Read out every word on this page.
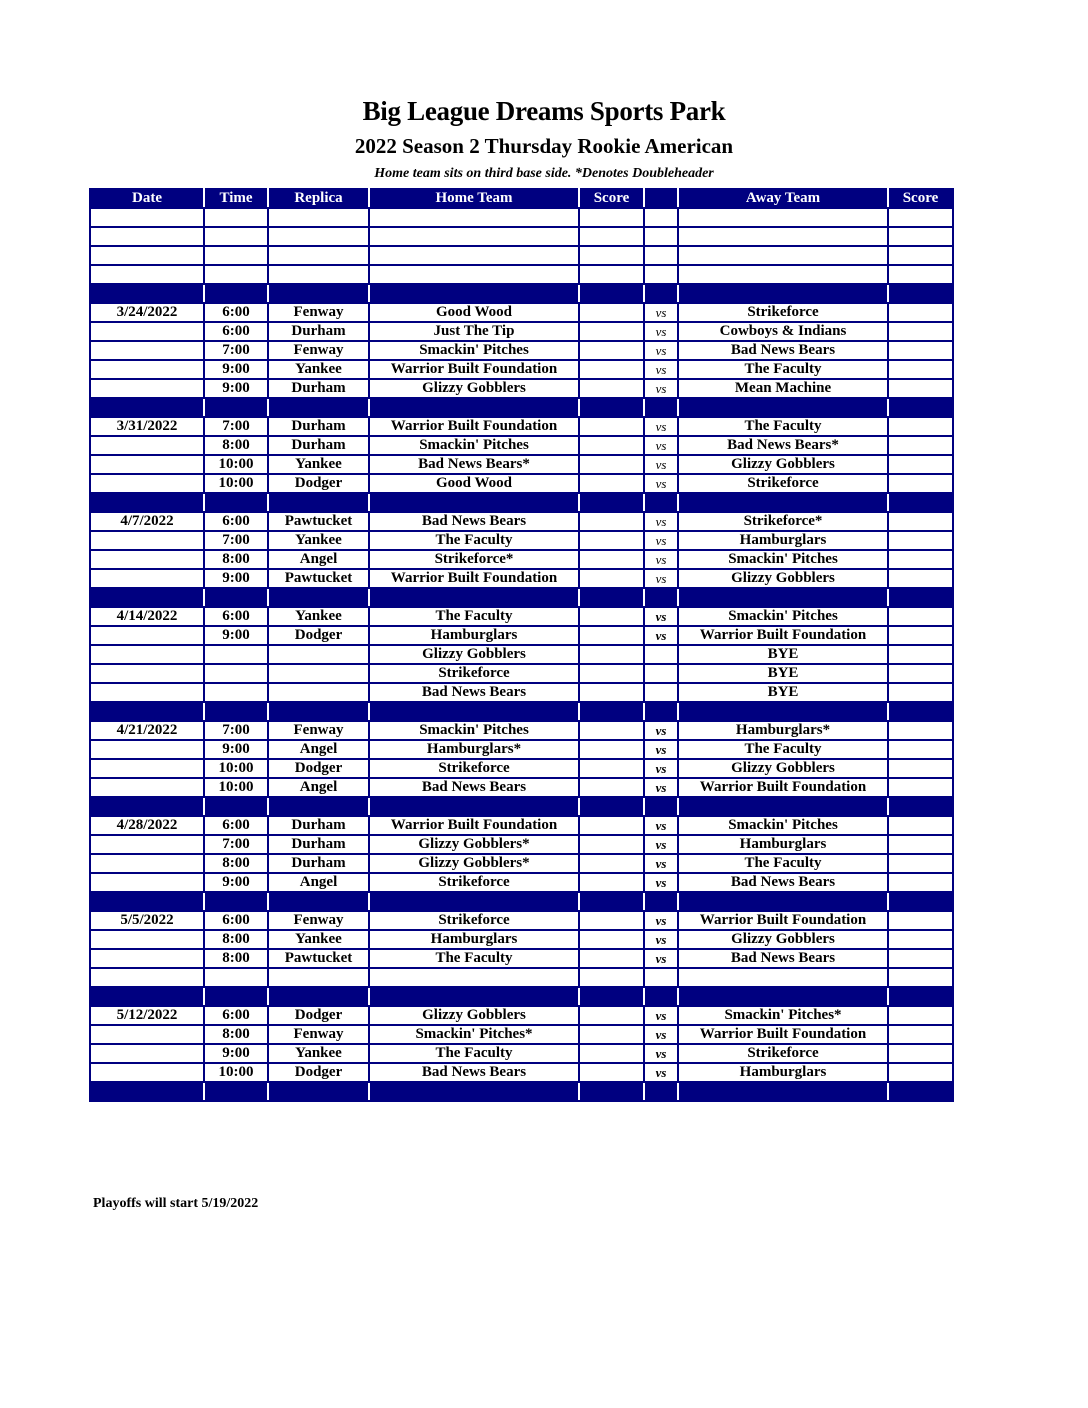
Big League Dreams Sports Park
2022 Season 2 Thursday Rookie American
Home team sits on third base side. *Denotes Doubleheader
Date	Time	Replica	Home Team	Score		Away Team	Score

3/24/2022	6:00	Fenway	Good Wood		vs	Strikeforce	
	6:00	Durham	Just The Tip		vs	Cowboys & Indians	
	7:00	Fenway	Smackin' Pitches		vs	Bad News Bears	
	9:00	Yankee	Warrior Built Foundation		vs	The Faculty	
	9:00	Durham	Glizzy Gobblers		vs	Mean Machine	

3/31/2022	7:00	Durham	Warrior Built Foundation		vs	The Faculty	
	8:00	Durham	Smackin' Pitches		vs	Bad News Bears*	
	10:00	Yankee	Bad News Bears*		vs	Glizzy Gobblers	
	10:00	Dodger	Good Wood		vs	Strikeforce	

4/7/2022	6:00	Pawtucket	Bad News Bears		vs	Strikeforce*	
	7:00	Yankee	The Faculty		vs	Hamburglars	
	8:00	Angel	Strikeforce*		vs	Smackin' Pitches	
	9:00	Pawtucket	Warrior Built Foundation		vs	Glizzy Gobblers	

4/14/2022	6:00	Yankee	The Faculty		vs	Smackin' Pitches	
	9:00	Dodger	Hamburglars		vs	Warrior Built Foundation	
			Glizzy Gobblers			BYE	
			Strikeforce			BYE	
			Bad News Bears			BYE	

4/21/2022	7:00	Fenway	Smackin' Pitches		vs	Hamburglars*	
	9:00	Angel	Hamburglars*		vs	The Faculty	
	10:00	Dodger	Strikeforce		vs	Glizzy Gobblers	
	10:00	Angel	Bad News Bears		vs	Warrior Built Foundation	

4/28/2022	6:00	Durham	Warrior Built Foundation		vs	Smackin' Pitches	
	7:00	Durham	Glizzy Gobblers*		vs	Hamburglars	
	8:00	Durham	Glizzy Gobblers*		vs	The Faculty	
	9:00	Angel	Strikeforce		vs	Bad News Bears	

5/5/2022	6:00	Fenway	Strikeforce		vs	Warrior Built Foundation	
	8:00	Yankee	Hamburglars		vs	Glizzy Gobblers	
	8:00	Pawtucket	The Faculty		vs	Bad News Bears	

5/12/2022	6:00	Dodger	Glizzy Gobblers		vs	Smackin' Pitches*	
	8:00	Fenway	Smackin' Pitches*		vs	Warrior Built Foundation	
	9:00	Yankee	The Faculty		vs	Strikeforce	
	10:00	Dodger	Bad News Bears		vs	Hamburglars	

Playoffs will start 5/19/2022
